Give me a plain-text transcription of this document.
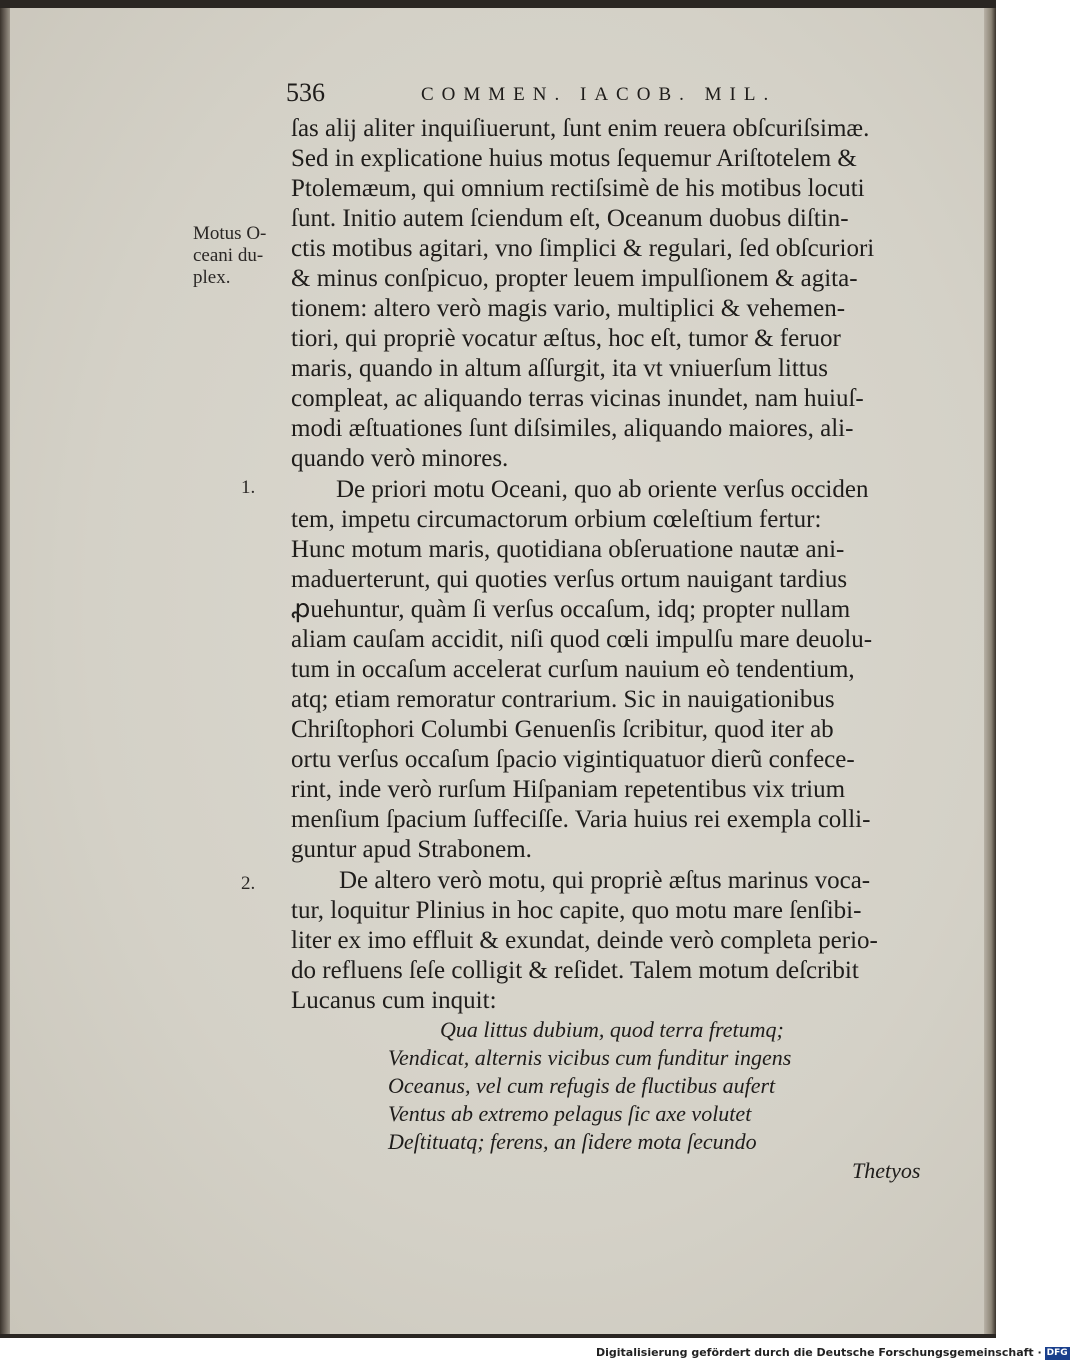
536	COMMEN. IACOB. MIL.
Motus O-
ceani du-
plex.
1.
2.
ſas alij aliter inquiſiuerunt, ſunt enim reuera obſcuriſsimæ.
Sed in explicatione huius motus ſequemur Ariſtotelem &
Ptolemæum, qui omnium rectiſsimè de his motibus locuti
ſunt. Initio autem ſciendum eſt, Oceanum duobus diſtin-
ctis motibus agitari, vno ſimplici & regulari, ſed obſcuriori
& minus conſpicuo, propter leuem impulſionem & agita-
tionem: altero verò magis vario, multiplici & vehemen-
tiori, qui propriè vocatur æſtus, hoc eſt, tumor & feruor
maris, quando in altum aſſurgit, ita vt vniuerſum littus
compleat, ac aliquando terras vicinas inundet, nam huiuſ-
modi æſtuationes ſunt diſsimiles, aliquando maiores, ali-
quando verò minores.
De priori motu Oceani, quo ab oriente verſus occiden
tem, impetu circumactorum orbium cœleſtium fertur:
Hunc motum maris, quotidiana obſeruatione nautæ ani-
maduerterunt, qui quoties verſus ortum nauigant tardius
ꝓuehuntur, quàm ſi verſus occaſum, idq; propter nullam
aliam cauſam accidit, niſi quod cœli impulſu mare deuolu-
tum in occaſum accelerat curſum nauium eò tendentium,
atq; etiam remoratur contrarium. Sic in nauigationibus
Chriſtophori Columbi Genuenſis ſcribitur, quod iter ab
ortu verſus occaſum ſpacio vigintiquatuor dierũ confece-
rint, inde verò rurſum Hiſpaniam repetentibus vix trium
menſium ſpacium ſuffeciſſe. Varia huius rei exempla colli-
guntur apud Strabonem.
De altero verò motu, qui propriè æſtus marinus voca-
tur, loquitur Plinius in hoc capite, quo motu mare ſenſibi-
liter ex imo effluit & exundat, deinde verò completa perio-
do refluens ſeſe colligit & reſidet. Talem motum deſcribit
Lucanus cum inquit:
Qua littus dubium, quod terra fretumq;
Vendicat, alternis vicibus cum funditur ingens
Oceanus, vel cum refugis de fluctibus aufert
Ventus ab extremo pelagus ſic axe volutet
Deſtituatq; ferens, an ſidere mota ſecundo
Thetyos
Digitalisierung gefördert durch die Deutsche Forschungsgemeinschaft · DFG
